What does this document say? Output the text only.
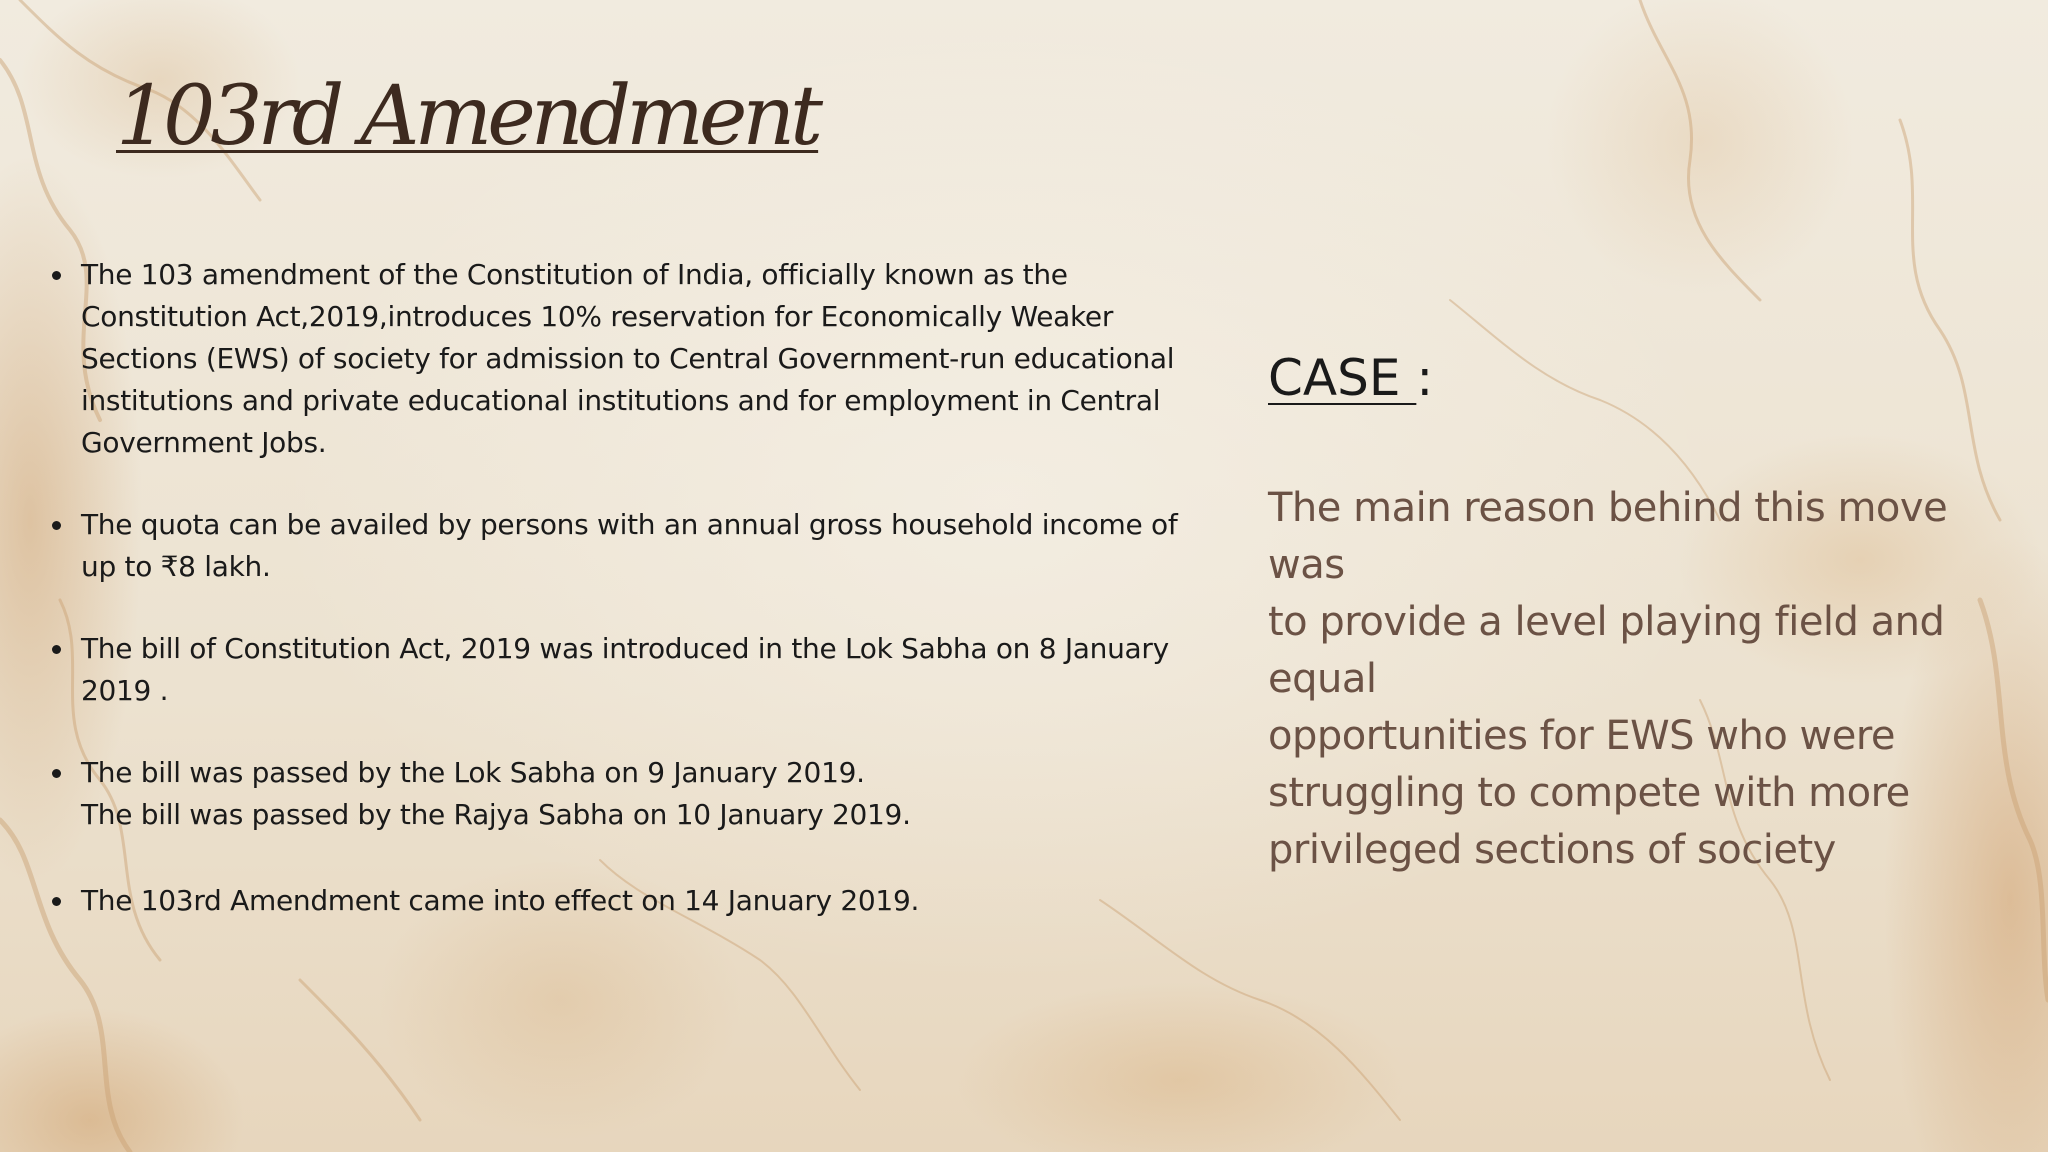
103rd Amendment
The 103 amendment of the Constitution of India, officially known as the
Constitution Act,2019,introduces 10% reservation for Economically Weaker
Sections (EWS) of society for admission to Central Government-run educational
institutions and private educational institutions and for employment in Central
Government Jobs.
The quota can be availed by persons with an annual gross household income of
up to ₹8 lakh.
The bill of Constitution Act, 2019 was introduced in the Lok Sabha on 8 January
2019 .
The bill was passed by the Lok Sabha on 9 January 2019.
The bill was passed by the Rajya Sabha on 10 January 2019.
The 103rd Amendment came into effect on 14 January 2019.
CASE :

The main reason behind this move was
to provide a level playing field and equal
opportunities for EWS who were
struggling to compete with more
privileged sections of society
